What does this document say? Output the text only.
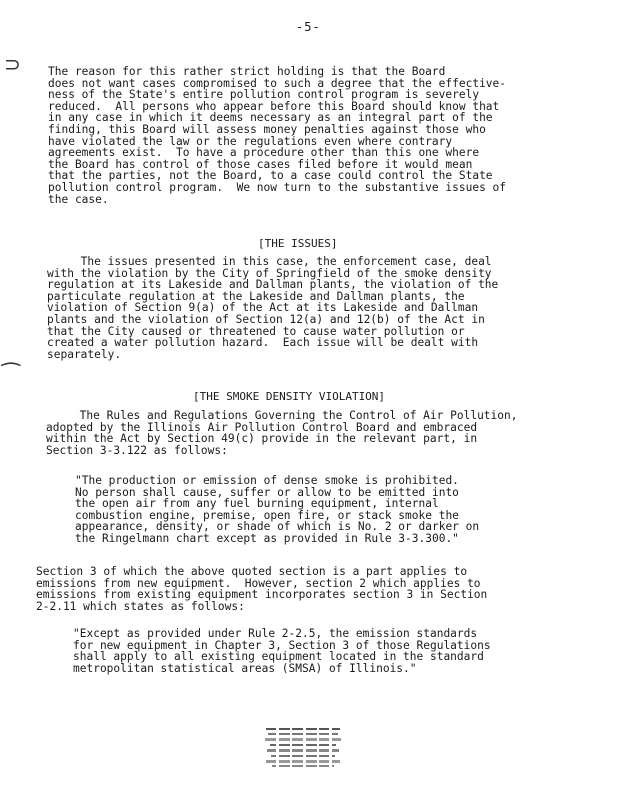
-5-
⊃
⁀

The reason for this rather strict holding is that the Board
does not want cases compromised to such a degree that the effective-
ness of the State's entire pollution control program is severely
reduced.  All persons who appear before this Board should know that
in any case in which it deems necessary as an integral part of the
finding, this Board will assess money penalties against those who
have violated the law or the regulations even where contrary
agreements exist.  To have a procedure other than this one where
the Board has control of those cases filed before it would mean
that the parties, not the Board, to a case could control the State
pollution control program.  We now turn to the substantive issues of
the case.

[THE ISSUES]

The issues presented in this case, the enforcement case, deal
with the violation by the City of Springfield of the smoke density
regulation at its Lakeside and Dallman plants, the violation of the
particulate regulation at the Lakeside and Dallman plants, the
violation of Section 9(a) of the Act at its Lakeside and Dallman
plants and the violation of Section 12(a) and 12(b) of the Act in
that the City caused or threatened to cause water pollution or
created a water pollution hazard.  Each issue will be dealt with
separately.

[THE SMOKE DENSITY VIOLATION]

The Rules and Regulations Governing the Control of Air Pollution,
adopted by the Illinois Air Pollution Control Board and embraced
within the Act by Section 49(c) provide in the relevant part, in
Section 3-3.122 as follows:

"The production or emission of dense smoke is prohibited.
No person shall cause, suffer or allow to be emitted into
the open air from any fuel burning equipment, internal
combustion engine, premise, open fire, or stack smoke the
appearance, density, or shade of which is No. 2 or darker on
the Ringelmann chart except as provided in Rule 3-3.300."

Section 3 of which the above quoted section is a part applies to
emissions from new equipment.  However, section 2 which applies to
emissions from existing equipment incorporates section 3 in Section
2-2.11 which states as follows:

"Except as provided under Rule 2-2.5, the emission standards
for new equipment in Chapter 3, Section 3 of those Regulations
shall apply to all existing equipment located in the standard
metropolitan statistical areas (SMSA) of Illinois."
